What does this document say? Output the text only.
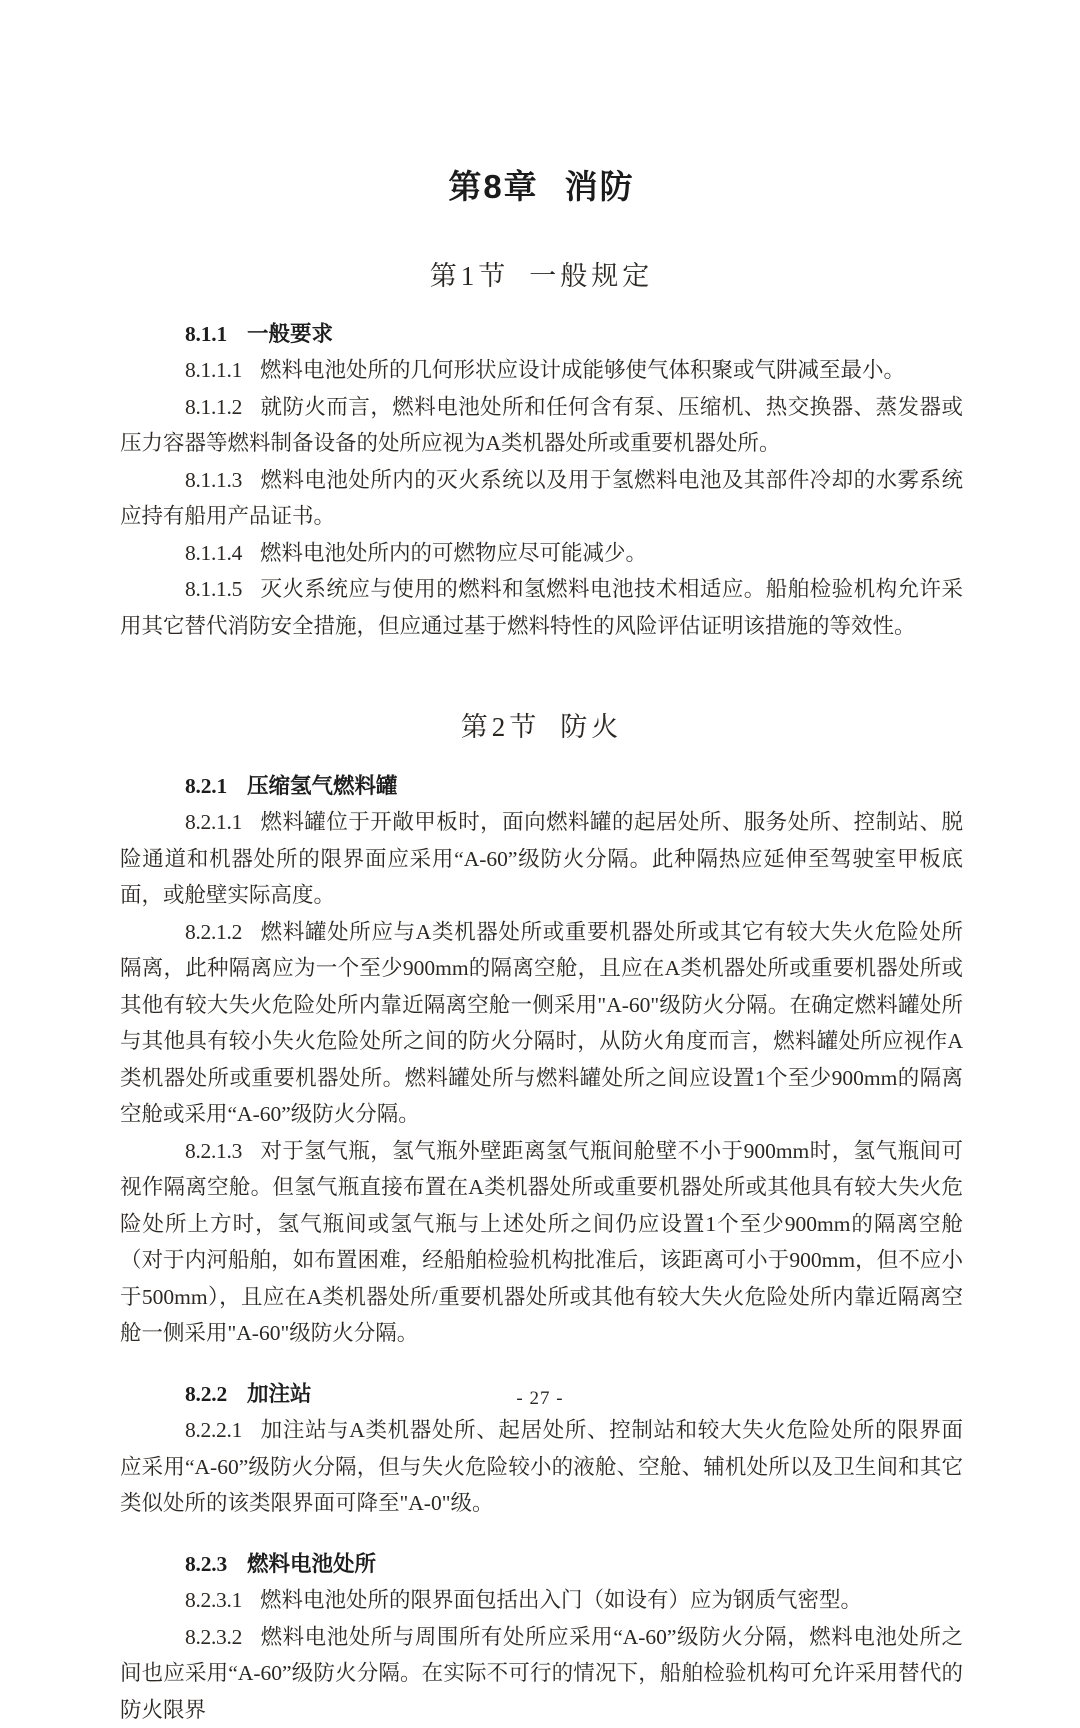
第8章 消防
第1节 一般规定
8.1.1 一般要求

8.1.1.1 燃料电池处所的几何形状应设计成能够使气体积聚或气阱减至最小。

8.1.1.2 就防火而言，燃料电池处所和任何含有泵、压缩机、热交换器、蒸发器或压力容器等燃料制备设备的处所应视为A类机器处所或重要机器处所。

8.1.1.3 燃料电池处所内的灭火系统以及用于氢燃料电池及其部件冷却的水雾系统应持有船用产品证书。

8.1.1.4 燃料电池处所内的可燃物应尽可能减少。

8.1.1.5 灭火系统应与使用的燃料和氢燃料电池技术相适应。船舶检验机构允许采用其它替代消防安全措施，但应通过基于燃料特性的风险评估证明该措施的等效性。

第2节 防火
8.2.1 压缩氢气燃料罐

8.2.1.1 燃料罐位于开敞甲板时，面向燃料罐的起居处所、服务处所、控制站、脱险通道和机器处所的限界面应采用“A-60”级防火分隔。此种隔热应延伸至驾驶室甲板底面，或舱壁实际高度。

8.2.1.2 燃料罐处所应与A类机器处所或重要机器处所或其它有较大失火危险处所隔离，此种隔离应为一个至少900mm的隔离空舱，且应在A类机器处所或重要机器处所或其他有较大失火危险处所内靠近隔离空舱一侧采用"A-60"级防火分隔。在确定燃料罐处所与其他具有较小失火危险处所之间的防火分隔时，从防火角度而言，燃料罐处所应视作A类机器处所或重要机器处所。燃料罐处所与燃料罐处所之间应设置1个至少900mm的隔离空舱或采用“A-60”级防火分隔。

8.2.1.3 对于氢气瓶，氢气瓶外壁距离氢气瓶间舱壁不小于900mm时，氢气瓶间可视作隔离空舱。但氢气瓶直接布置在A类机器处所或重要机器处所或其他具有较大失火危险处所上方时，氢气瓶间或氢气瓶与上述处所之间仍应设置1个至少900mm的隔离空舱（对于内河船舶，如布置困难，经船舶检验机构批准后，该距离可小于900mm，但不应小于500mm），且应在A类机器处所/重要机器处所或其他有较大失火危险处所内靠近隔离空舱一侧采用"A-60"级防火分隔。

8.2.2 加注站

8.2.2.1 加注站与A类机器处所、起居处所、控制站和较大失火危险处所的限界面应采用“A-60”级防火分隔，但与失火危险较小的液舱、空舱、辅机处所以及卫生间和其它类似处所的该类限界面可降至"A-0"级。

8.2.3 燃料电池处所

8.2.3.1 燃料电池处所的限界面包括出入门（如设有）应为钢质气密型。

8.2.3.2 燃料电池处所与周围所有处所应采用“A-60”级防火分隔，燃料电池处所之间也应采用“A-60”级防火分隔。在实际不可行的情况下，船舶检验机构可允许采用替代的防火限界

- 27 -
